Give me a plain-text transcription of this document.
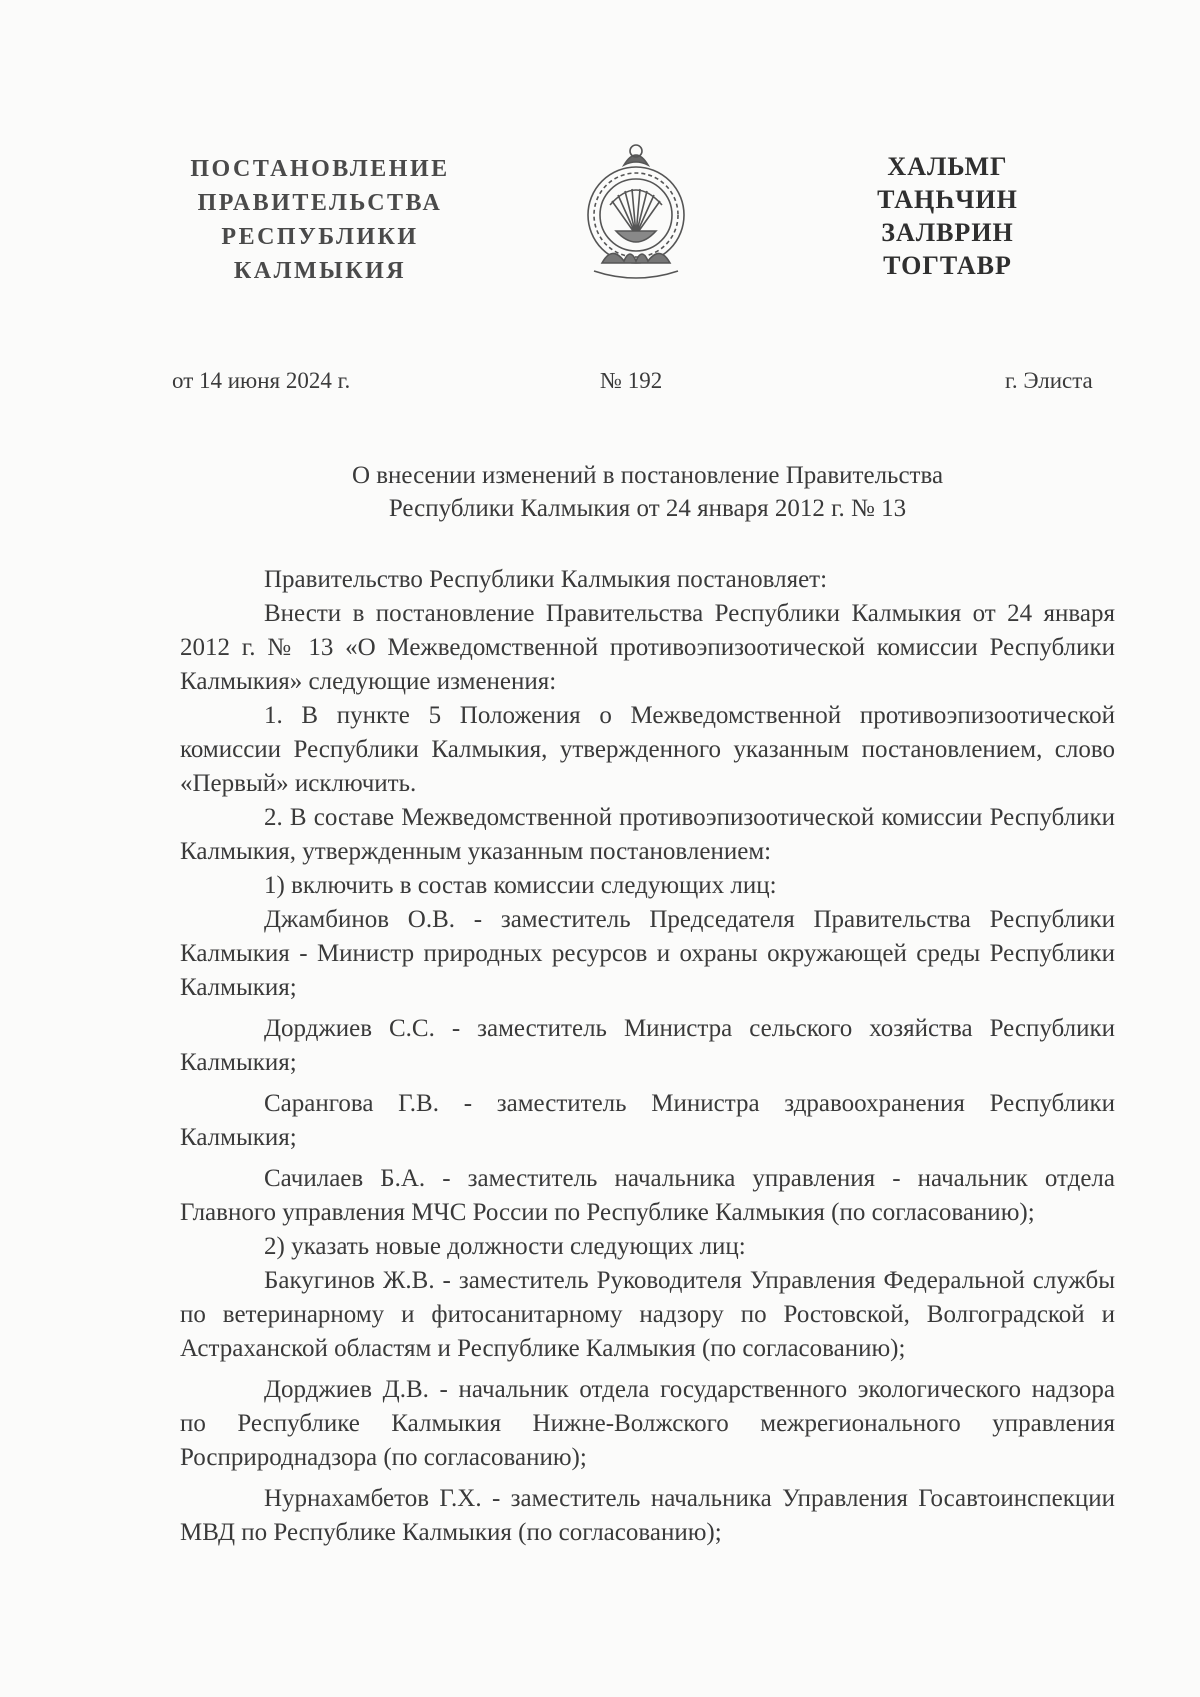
ПОСТАНОВЛЕНИЕ
ПРАВИТЕЛЬСТВА
РЕСПУБЛИКИ
КАЛМЫКИЯ
ХАЛЬМГ
ТАҢҺЧИН
ЗАЛВРИН
ТОГТАВР
от 14 июня 2024 г.	№ 192	г. Элиста
О внесении изменений в постановление Правительства
Республики Калмыкия от 24 января 2012 г. № 13

Правительство Республики Калмыкия постановляет:

Внести в постановление Правительства Республики Калмыкия от 24 января 2012 г. № 13 «О Межведомственной противоэпизоотической комиссии Республики Калмыкия» следующие изменения:

1. В пункте 5 Положения о Межведомственной противоэпизоотической комиссии Республики Калмыкия, утвержденного указанным постановлением, слово «Первый» исключить.

2. В составе Межведомственной противоэпизоотической комиссии Республики Калмыкия, утвержденным указанным постановлением:

1) включить в состав комиссии следующих лиц:

Джамбинов О.В. - заместитель Председателя Правительства Республики Калмыкия - Министр природных ресурсов и охраны окружающей среды Республики Калмыкия;

Дорджиев С.С. - заместитель Министра сельского хозяйства Республики Калмыкия;

Сарангова Г.В. - заместитель Министра здравоохранения Республики Калмыкия;

Сачилаев Б.А. - заместитель начальника управления - начальник отдела Главного управления МЧС России по Республике Калмыкия (по согласованию);

2) указать новые должности следующих лиц:

Бакугинов Ж.В. - заместитель Руководителя Управления Федеральной службы по ветеринарному и фитосанитарному надзору по Ростовской, Волгоградской и Астраханской областям и Республике Калмыкия (по согласованию);

Дорджиев Д.В. - начальник отдела государственного экологического надзора по Республике Калмыкия Нижне-Волжского межрегионального управления Росприроднадзора (по согласованию);

Нурнахамбетов Г.Х. - заместитель начальника Управления Госавтоинспекции МВД по Республике Калмыкия (по согласованию);
